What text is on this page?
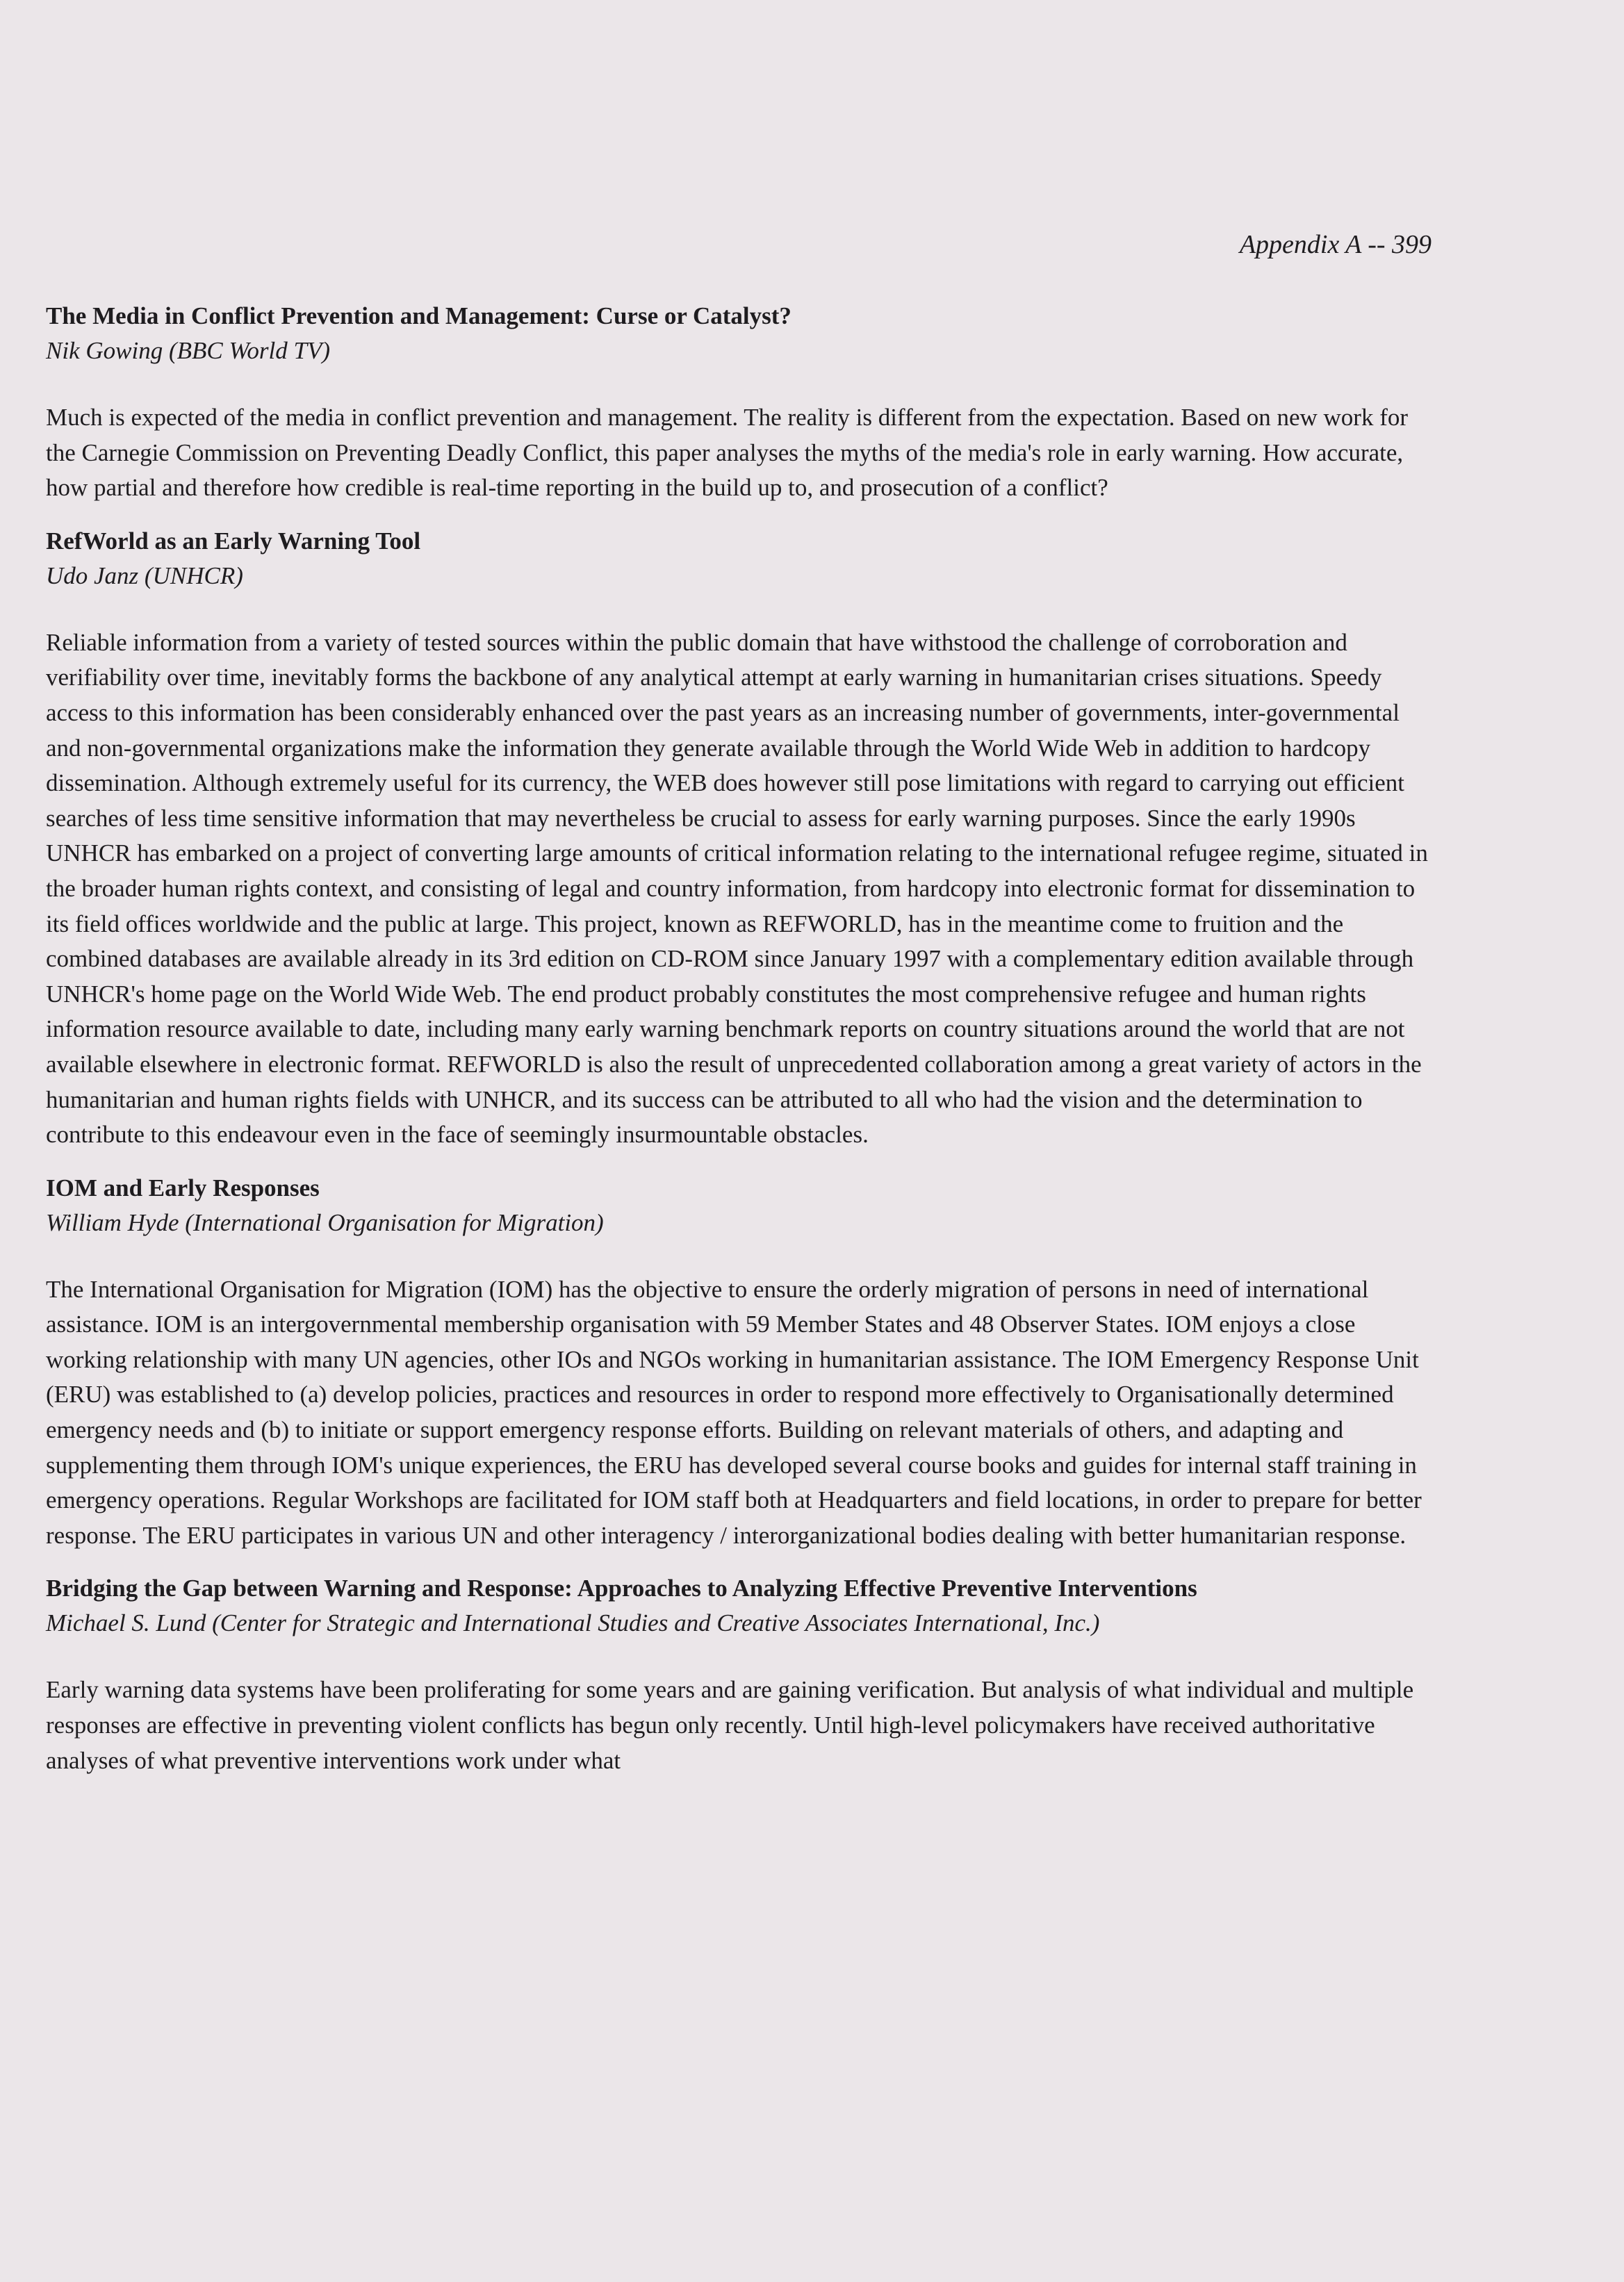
Appendix A -- 399
The Media in Conflict Prevention and Management: Curse or Catalyst?
Nik Gowing (BBC World TV)
Much is expected of the media in conflict prevention and management. The reality is different from the expectation. Based on new work for the Carnegie Commission on Preventing Deadly Conflict, this paper analyses the myths of the media's role in early warning. How accurate, how partial and therefore how credible is real-time reporting in the build up to, and prosecution of a conflict?
RefWorld as an Early Warning Tool
Udo Janz (UNHCR)
Reliable information from a variety of tested sources within the public domain that have withstood the challenge of corroboration and verifiability over time, inevitably forms the backbone of any analytical attempt at early warning in humanitarian crises situations. Speedy access to this information has been considerably enhanced over the past years as an increasing number of governments, inter-governmental and non-governmental organizations make the information they generate available through the World Wide Web in addition to hardcopy dissemination. Although extremely useful for its currency, the WEB does however still pose limitations with regard to carrying out efficient searches of less time sensitive information that may nevertheless be crucial to assess for early warning purposes. Since the early 1990s UNHCR has embarked on a project of converting large amounts of critical information relating to the international refugee regime, situated in the broader human rights context, and consisting of legal and country information, from hardcopy into electronic format for dissemination to its field offices worldwide and the public at large. This project, known as REFWORLD, has in the meantime come to fruition and the combined databases are available already in its 3rd edition on CD-ROM since January 1997 with a complementary edition available through UNHCR's home page on the World Wide Web. The end product probably constitutes the most comprehensive refugee and human rights information resource available to date, including many early warning benchmark reports on country situations around the world that are not available elsewhere in electronic format. REFWORLD is also the result of unprecedented collaboration among a great variety of actors in the humanitarian and human rights fields with UNHCR, and its success can be attributed to all who had the vision and the determination to contribute to this endeavour even in the face of seemingly insurmountable obstacles.
IOM and Early Responses
William Hyde (International Organisation for Migration)
The International Organisation for Migration (IOM) has the objective to ensure the orderly migration of persons in need of international assistance. IOM is an intergovernmental membership organisation with 59 Member States and 48 Observer States. IOM enjoys a close working relationship with many UN agencies, other IOs and NGOs working in humanitarian assistance. The IOM Emergency Response Unit (ERU) was established to (a) develop policies, practices and resources in order to respond more effectively to Organisationally determined emergency needs and (b) to initiate or support emergency response efforts. Building on relevant materials of others, and adapting and supplementing them through IOM's unique experiences, the ERU has developed several course books and guides for internal staff training in emergency operations. Regular Workshops are facilitated for IOM staff both at Headquarters and field locations, in order to prepare for better response. The ERU participates in various UN and other interagency / interorganizational bodies dealing with better humanitarian response.
Bridging the Gap between Warning and Response: Approaches to Analyzing Effective Preventive Interventions
Michael S. Lund (Center for Strategic and International Studies and Creative Associates International, Inc.)
Early warning data systems have been proliferating for some years and are gaining verification. But analysis of what individual and multiple responses are effective in preventing violent conflicts has begun only recently. Until high-level policymakers have received authoritative analyses of what preventive interventions work under what
